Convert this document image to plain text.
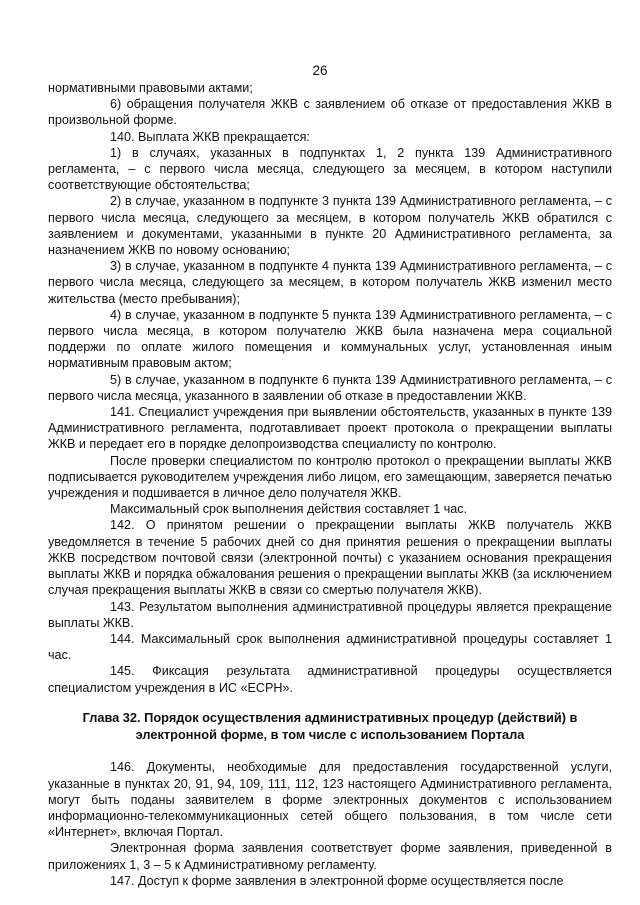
26

нормативными правовыми актами;

6) обращения получателя ЖКВ с заявлением об отказе от предоставления ЖКВ в произвольной форме.

140. Выплата ЖКВ прекращается:

1) в случаях, указанных в подпунктах 1, 2 пункта 139 Административного регламента, – с первого числа месяца, следующего за месяцем, в котором наступили соответствующие обстоятельства;

2) в случае, указанном в подпункте 3 пункта 139 Административного регламента, – с первого числа месяца, следующего за месяцем, в котором получатель ЖКВ обратился с заявлением и документами, указанными в пункте 20 Административного регламента, за назначением ЖКВ по новому основанию;

3) в случае, указанном в подпункте 4 пункта 139 Административного регламента, – с первого числа месяца, следующего за месяцем, в котором получатель ЖКВ изменил место жительства (место пребывания);

4) в случае, указанном в подпункте 5 пункта 139 Административного регламента, – с первого числа месяца, в котором получателю ЖКВ была назначена мера социальной поддержи по оплате жилого помещения и коммунальных услуг, установленная иным нормативным правовым актом;

5) в случае, указанном в подпункте 6 пункта 139 Административного регламента, – с первого числа месяца, указанного в заявлении об отказе в предоставлении ЖКВ.

141. Специалист учреждения при выявлении обстоятельств, указанных в пункте 139 Административного регламента, подготавливает проект протокола о прекращении выплаты ЖКВ и передает его в порядке делопроизводства специалисту по контролю.

После проверки специалистом по контролю протокол о прекращении выплаты ЖКВ подписывается руководителем учреждения либо лицом, его замещающим, заверяется печатью учреждения и подшивается в личное дело получателя ЖКВ.

Максимальный срок выполнения действия составляет 1 час.

142. О принятом решении о прекращении выплаты ЖКВ получатель ЖКВ уведомляется в течение 5 рабочих дней со дня принятия решения о прекращении выплаты ЖКВ посредством почтовой связи (электронной почты) с указанием основания прекращения выплаты ЖКВ и порядка обжалования решения о прекращении выплаты ЖКВ (за исключением случая прекращения выплаты ЖКВ в связи со смертью получателя ЖКВ).

143. Результатом выполнения административной процедуры является прекращение выплаты ЖКВ.

144. Максимальный срок выполнения административной процедуры составляет 1 час.

145. Фиксация результата административной процедуры осуществляется специалистом учреждения в ИС «ЕСРН».

Глава 32. Порядок осуществления административных процедур (действий) в электронной форме, в том числе с использованием Портала

146. Документы, необходимые для предоставления государственной услуги, указанные в пунктах 20, 91, 94, 109, 111, 112, 123 настоящего Административного регламента, могут быть поданы заявителем в форме электронных документов с использованием информационно-телекоммуникационных сетей общего пользования, в том числе сети «Интернет», включая Портал.

Электронная форма заявления соответствует форме заявления, приведенной в приложениях 1, 3 – 5 к Административному регламенту.

147. Доступ к форме заявления в электронной форме осуществляется после
